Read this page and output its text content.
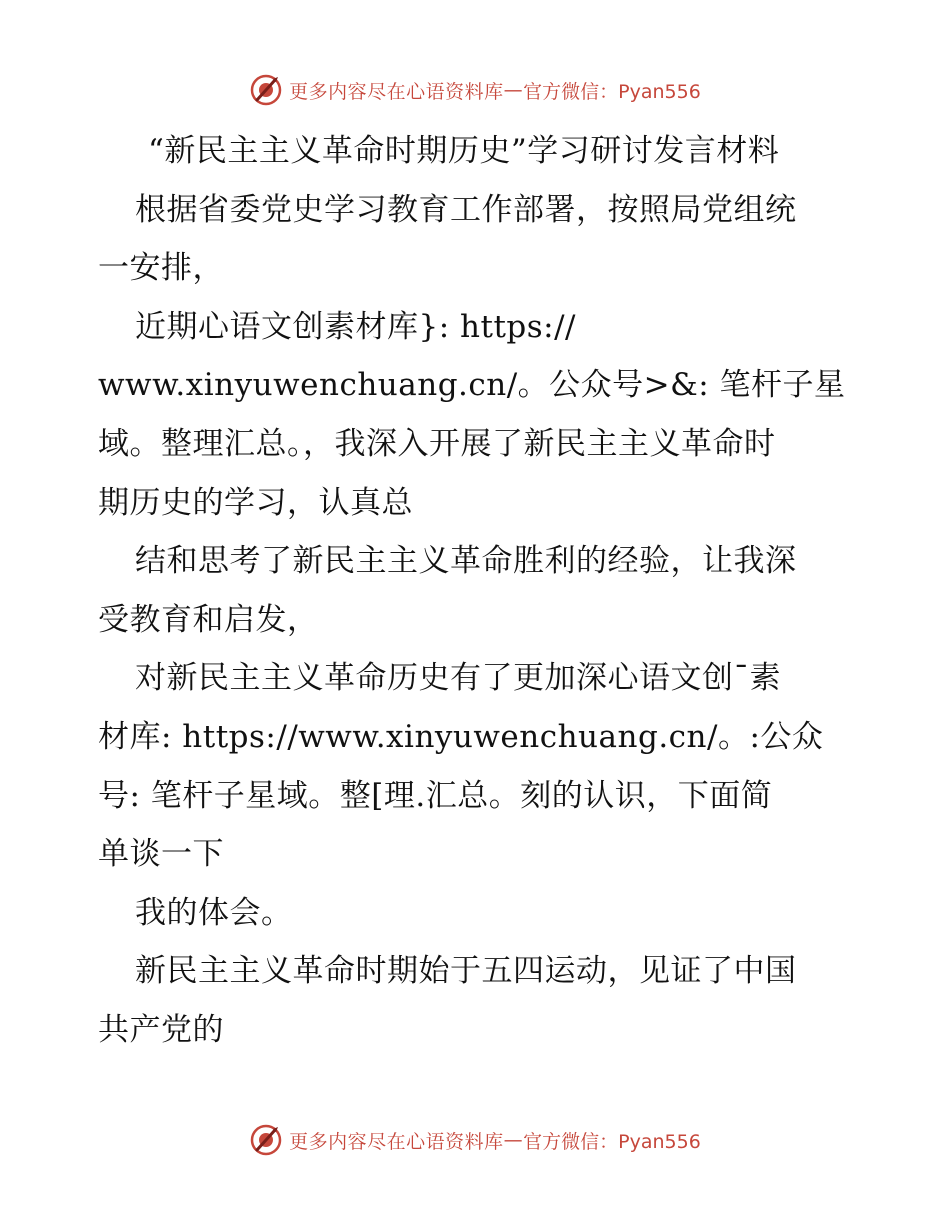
更多内容尽在心语资料库 — 官方微信：Pyan556
“新民主主义革命时期历史”学习研讨发言材料
根据省委党史学习教育工作部署，按照局党组统
一安排，
近期心语文创素材库}: https://
www.xinyuwenchuang.cn/。公众号>&: 笔杆子星
域。整理汇总。，我深入开展了新民主主义革命时
期历史的学习，认真总
结和思考了新民主主义革命胜利的经验，让我深
受教育和启发，
对新民主主义革命历史有了更加深心语文创¯素
材库: https://www.xinyuwenchuang.cn/。:公众
号: 笔杆子星域。整[理.汇总。刻的认识，下面简
单谈一下
我的体会。
新民主主义革命时期始于五四运动，见证了中国
共产党的
更多内容尽在心语资料库 — 官方微信：Pyan556
